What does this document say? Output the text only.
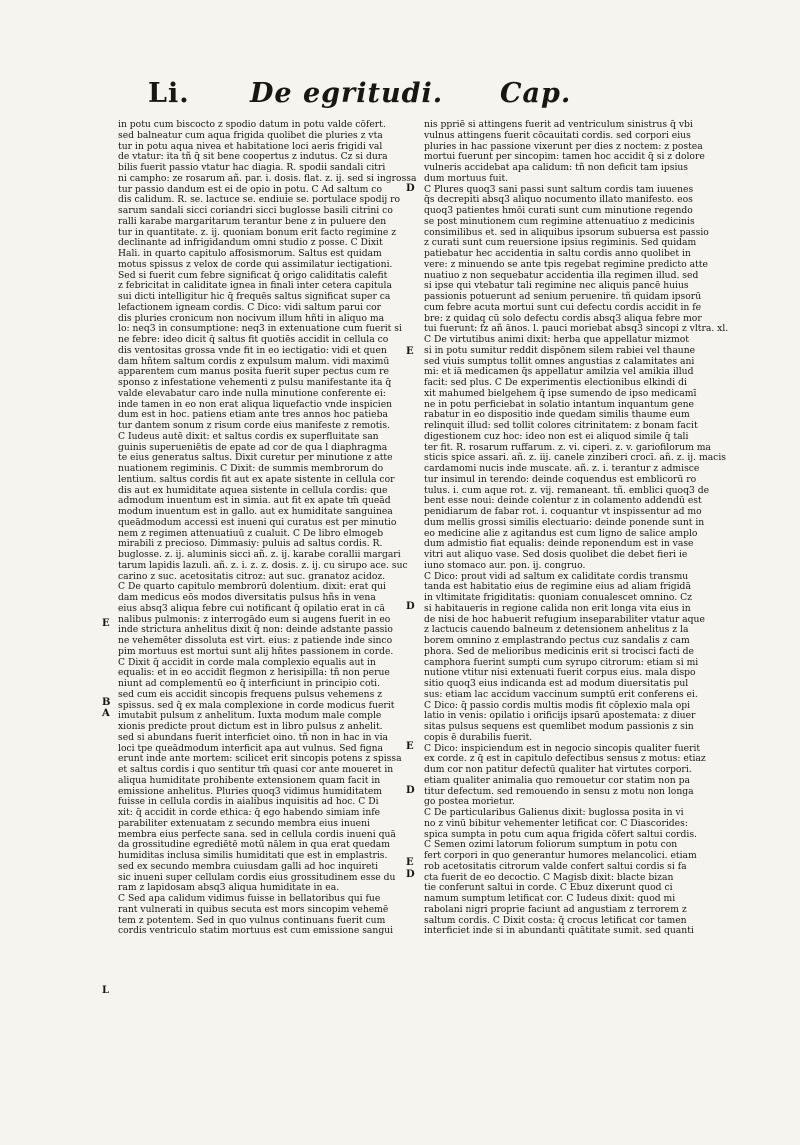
Li. De egritudi. Cap.
in potu cum biscocto z spodio datum in potu valde cōfert.
sed balneatur cum aqua frigida quolibet die pluries z vta
tur in potu aqua nivea et habitatione loci aeris frigidi val
de vtatur: ita tñ q̄ sit bene coopertus z indutus. Cz si dura
bilis fuerit passio vtatur hac diagia. R. spodii sandali citri
ni campho: ze rosarum añ. par. i. dosis. flat. z. ij. sed si ingrossa
tur passio dandum est ei de opio in potu. C Ad saltum co
dis calidum. R. se. lactuce se. endiuie se. portulace spodij ro
sarum sandali sicci coriandri sicci buglosse basili citrini co
ralli karabe margaritarum terantur bene z in puluere den
tur in quantitate. z. ij. quoniam bonum erit facto regimine z
declinante ad infrigidandum omni studio z posse. C Dixit
Hali. in quarto capitulo affosismorum. Saltus est quidam
motus spissus z velox de corde qui assimilatur iectigationi.
Sed si fuerit cum febre significat q̄ origo caliditatis calefit
z febricitat in caliditate ignea in finali inter cetera capitula
sui dicti intelligitur hic q̄ frequēs saltus significat super ca
lefactionem igneam cordis. C Dico: vidi saltum parui cor
dis pluries cronicum non nocivum illum hñti in aliquo ma
lo: neq3 in consumptione: neq3 in extenuatione cum fuerit si
ne febre: ideo dicit q̄ saltus fit quotiēs accidit in cellula co
dis ventositas grossa vnde fit in eo iectigatio: vidi et quen
dam hñtem saltum cordis z expulsum malum. vidi maximū
apparentem cum manus posita fuerit super pectus cum re
sponso z infestatione vehementi z pulsu manifestante ita q̄
valde elevabatur caro inde nulla minutione conferente ei:
inde tamen in eo non erat aliqua liquefactio vnde inspicien
dum est in hoc. patiens etiam ante tres annos hoc patieba
tur dantem sonum z risum corde eius manifeste z remotis.
C Iudeus autē dixit: et saltus cordis ex superfluitate san
guinis superueniētis de epate ad cor de qua l diaphragma
te eius generatus saltus. Dixit curetur per minutione z atte
nuationem regiminis. C Dixit: de summis membrorum do
lentium. saltus cordis fit aut ex apate sistente in cellula cor
dis aut ex humiditate aquea sistente in cellula cordis: que
admodum inuentum est in simia. aut fit ex apate tm̄ queād
modum inuentum est in gallo. aut ex humiditate sanguinea
queādmodum accessi est inueni qui curatus est per minutio
nem z regimen attenuatiuū z cualuit. C De libro elmogeb
mirabili z precioso. Dimmasiy: puluis ad saltus cordis. R.
buglosse. z. ij. aluminis sicci añ. z. ij. karabe corallii margari
tarum lapidis lazuli. añ. z. i. z. z. dosis. z. ij. cu sirupo ace. suc
carino z suc. acetositatis citroz: aut suc. granatoz acidoz.
C De quarto capitulo membrorū dolentium. dixit: erat qui
dam medicus eōs modos diversitatis pulsus hñs in vena
eius absq3 aliqua febre cui notificant q̄ opilatio erat in cā
nalibus pulmonis: z interrogādo eum si augens fuerit in eo
inde strictura anhelitus dixit q̄ non: deinde adstante passio
ne vehemēter dissoluta est virt. eius: z patiende inde sinco
pim mortuus est mortui sunt alij hñtes passionem in corde.
C Dixit q̄ accidit in corde mala complexio equalis aut in
equalis: et in eo accidit flegmon z herisipilla: tñ non perue
niunt ad complementū eo q̄ interficiunt in principio coti.
sed cum eis accidit sincopis frequens pulsus vehemens z
spissus. sed q̄ ex mala complexione in corde modicus fuerit
imutabit pulsum z anhelitum. Iuxta modum male comple
xionis predicte prout dictum est in libro pulsus z anhelit.
sed si abundans fuerit interficiet oino. tñ non in hac in via
loci tpe queādmodum interficit apa aut vulnus. Sed figna
erunt inde ante mortem: scilicet erit sincopis potens z spissa
et saltus cordis i quo sentitur tm̄ quasi cor ante moueret in
aliqua humiditate prohibente extensionem quam facit in
emissione anhelitus. Pluries quoq3 vidimus humiditatem
fuisse in cellula cordis in aialibus inquisitis ad hoc. C Di
xit: q̄ accidit in corde ethica: q̄ ego habendo simiam infe
parabiliter extenuatam z secundo membra eius inueni
membra eius perfecte sana. sed in cellula cordis inueni quā
da grossitudine egrediētē motū nālem in qua erat quedam
humiditas inclusa similis humiditati que est in emplastris.
sed ex secundo membra cuiusdam galli ad hoc inquireti
sic inueni super cellulam cordis eius grossitudinem esse du
ram z lapidosam absq3 aliqua humiditate in ea.
C Sed apa calidum vidimus fuisse in bellatoribus qui fue
rant vulnerati in quibus secuta est mors sincopim vehemē
tem z potentem. Sed in quo vulnus continuans fuerit cum
cordis ventriculo statim mortuus est cum emissione sangui
nis ppriē si attingens fuerit ad ventriculum sinistrus q̄ vbi
vulnus attingens fuerit cōcauitati cordis. sed corpori eius
pluries in hac passione vixerunt per dies z noctem: z postea
mortui fuerunt per sincopim: tamen hoc accidit q̄ si z dolore
vulneris accidebat apa calidum: tñ non deficit tam ipsius
dum mortuus fuit.
C Plures quoq3 sani passi sunt saltum cordis tam iuuenes
q̄s decrepiti absq3 aliquo nocumento illato manifesto. eos
quoq3 patientes hmōi curati sunt cum minutione regendo
se post minutionem cum regimine attenuatiuo z medicinis
consimilibus et. sed in aliquibus ipsorum subuersa est passio
z curati sunt cum reuersione ipsius regiminis. Sed quidam
patiebatur hec accidentia in saltu cordis anno quolibet in
vere: z minuendo se ante tpis regebat regimine predicto atte
nuatiuo z non sequebatur accidentia illa regimen illud. sed
si ipse qui vtebatur tali regimine nec aliquis pancē huius
passionis potuerunt ad senium peruenire. tñ quidam ipsorū
cum febre acuta mortui sunt cui defectu cordis accidit in fe
bre: z quidaq cū solo defectu cordis absq3 aliqua febre mor
tui fuerunt: fz añ ānos. l. pauci moriebat absq3 sincopi z vltra. xl.
C De virtutibus animi dixit: herba que appellatur mizmot
si in potu sumitur reddit dispōnem silem rabiei vel thaune
sed viuis sumptus tollit omnes angustias z calamitates ani
mi: et iā medicamen q̄s appellatur amilzia vel amikia illud
facit: sed plus. C De experimentis electionibus elkindi di
xit mahumed bielgehem q̄ ipse sumendo de ipso medicamī
ne in potu perficiebat in solatio intantum inquantum gene
rabatur in eo dispositio inde quedam similis thaume eum
relinquit illud: sed tollit colores citrinitatem: z bonam facit
digestionem cuz hoc: ideo non est ei aliquod simile q̄ tali
ter fit. R. rosarum ruffarum. z. vi. ciperi. z. v. gariofilorum ma
sticis spice assari. añ. z. iij. canele zinziberi crocī. añ. z. ij. macis
cardamomi nucis inde muscate. añ. z. i. terantur z admisce
tur insimul in terendo: deinde coquendus est emblicorū ro
tulus. i. cum aque rot. z. vij. remaneant. tñ. emblici quoq3 de
bent esse noui: deinde colentur z in colamento addendū est
penidiarum de fabar rot. i. coquantur vt inspissentur ad mo
dum mellis grossi similis electuario: deinde ponende sunt in
eo medicine alie z agitandus est cum ligno de salice amplo
dum admistio fiat equalis: deinde reponendum est in vase
vitri aut aliquo vase. Sed dosis quolibet die debet fieri ie
iuno stomaco aur. pon. ij. congruo.
C Dico: prout vidi ad saltum ex caliditate cordis transmu
tanda est habitatio eius de regimine eius ad aliam frigidā
in vltimitate frigiditatis: quoniam conualescet omnino. Cz
si habitaueris in regione calida non erit longa vita eius in
de nisi de hoc habuerit refugium inseparabiliter vtatur aque
z lactucis cauendo balneum z detensionem anhelitus z la
borem omnino z emplastrando pectus cuz sandalis z cam
phora. Sed de melioribus medicinis erit si trocisci facti de
camphora fuerint sumpti cum syrupo citrorum: etiam si mi
nutione vtitur nisi extenuati fuerit corpus eius. mala dispo
sitio quoq3 eius indicanda est ad modum diuersitatis pul
sus: etiam lac accidum vaccinum sumptū erit conferens ei.
C Dico: q̄ passio cordis multis modis fit cōplexio mala opi
latio in venis: opilatio i orificijs ipsarū apostemata: z diuer
sitas pulsus sequens est quemlibet modum passionis z sin
copis ē durabilis fuerit.
C Dico: inspiciendum est in negocio sincopis qualiter fuerit
ex corde. z q̄ est in capitulo defectibus sensus z motus: etiaz
dum cor non patitur defectū qualiter hat virtutes corpori.
etiam qualiter animalia quo remouetur cor statim non pa
titur defectum. sed remouendo in sensu z motu non longa
go postea morietur.
C De particularibus Galienus dixit: buglossa posita in vi
no z vinū bibitur vehementer letificat cor. C Diascorides:
spica sumpta in potu cum aqua frigida cōfert saltui cordis.
C Semen ozimi latorum foliorum sumptum in potu con
fert corpori in quo generantur humores melancolici. etiam
rob acetositatis citrorum valde confert saltui cordis si fa
cta fuerit de eo decoctio. C Magisb dixit: blacte bizan
tie conferunt saltui in corde. C Ebuz dixerunt quod ci
namum sumptum letificat cor. C Iudeus dixit: quod mi
rabolani nigri proprie faciunt ad angustiam z terrorem z
saltum cordis. C Dixit costa: q̄ crocus letificat cor tamen
interficiet inde si in abundanti quātitate sumit. sed quanti
E
B
A
L
D
E
D
E
D
E
D
